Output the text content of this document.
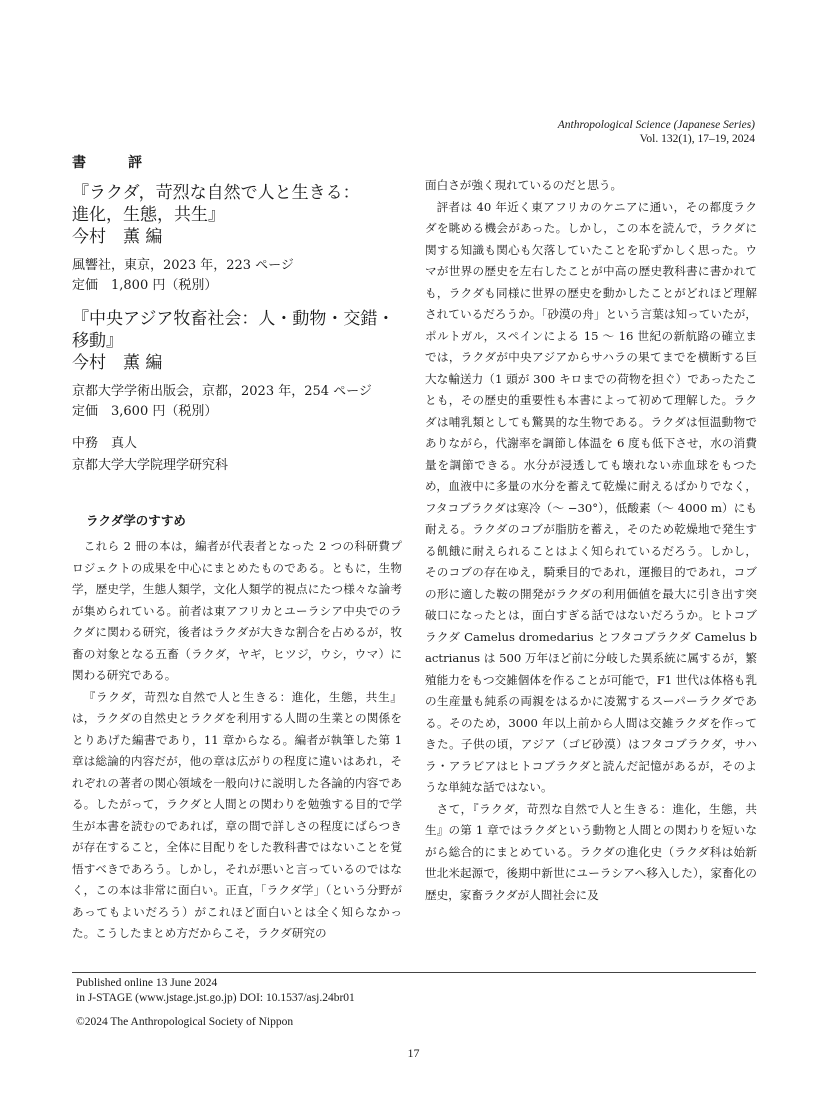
Anthropological Science (Japanese Series)
Vol. 132(1), 17–19, 2024
書　評
『ラクダ，苛烈な自然で人と生きる：
進化，生態，共生』
今村　薫 編
風響社，東京，2023 年，223 ページ
定価　1,800 円（税別）
『中央アジア牧畜社会：人・動物・交錯・
移動』
今村　薫 編
京都大学学術出版会，京都，2023 年，254 ページ
定価　3,600 円（税別）
中務　真人
京都大学大学院理学研究科
ラクダ学のすすめ

これら 2 冊の本は，編者が代表者となった 2 つの科研費プロジェクトの成果を中心にまとめたものである。ともに，生物学，歴史学，生態人類学，文化人類学的視点にたつ様々な論考が集められている。前者は東アフリカとユーラシア中央でのラクダに関わる研究，後者はラクダが大きな割合を占めるが，牧畜の対象となる五畜（ラクダ，ヤギ，ヒツジ，ウシ，ウマ）に関わる研究である。

『ラクダ，苛烈な自然で人と生きる：進化，生態，共生』は，ラクダの自然史とラクダを利用する人間の生業との関係をとりあげた編書であり，11 章からなる。編者が執筆した第 1 章は総論的内容だが，他の章は広がりの程度に違いはあれ，それぞれの著者の関心領域を一般向けに説明した各論的内容である。したがって，ラクダと人間との関わりを勉強する目的で学生が本書を読むのであれば，章の間で詳しさの程度にばらつきが存在すること，全体に目配りをした教科書ではないことを覚悟すべきであろう。しかし，それが悪いと言っているのではなく，この本は非常に面白い。正直，「ラクダ学」（という分野があってもよいだろう）がこれほど面白いとは全く知らなかった。こうしたまとめ方だからこそ，ラクダ研究の

面白さが強く現れているのだと思う。

評者は 40 年近く東アフリカのケニアに通い，その都度ラクダを眺める機会があった。しかし，この本を読んで，ラクダに関する知識も関心も欠落していたことを恥ずかしく思った。ウマが世界の歴史を左右したことが中高の歴史教科書に書かれても，ラクダも同様に世界の歴史を動かしたことがどれほど理解されているだろうか。「砂漠の舟」という言葉は知っていたが，ポルトガル，スペインによる 15 ～ 16 世紀の新航路の確立までは，ラクダが中央アジアからサハラの果てまでを横断する巨大な輸送力（1 頭が 300 キロまでの荷物を担ぐ）であったたことも，その歴史的重要性も本書によって初めて理解した。ラクダは哺乳類としても驚異的な生物である。ラクダは恒温動物でありながら，代謝率を調節し体温を 6 度も低下させ，水の消費量を調節できる。水分が浸透しても壊れない赤血球をもつため，血液中に多量の水分を蓄えて乾燥に耐えるばかりでなく，フタコブラクダは寒冷（～ −30°），低酸素（～ 4000 m）にも耐える。ラクダのコブが脂肪を蓄え，そのため乾燥地で発生する飢餓に耐えられることはよく知られているだろう。しかし，そのコブの存在ゆえ，騎乗目的であれ，運搬目的であれ，コブの形に適した鞍の開発がラクダの利用価値を最大に引き出す突破口になったとは，面白すぎる話ではないだろうか。ヒトコブラクダ Camelus dromedarius とフタコブラクダ Camelus bactrianus は 500 万年ほど前に分岐した異系統に属するが，繁殖能力をもつ交雑個体を作ることが可能で，F1 世代は体格も乳の生産量も純系の両親をはるかに凌駕するスーパーラクダである。そのため，3000 年以上前から人間は交雑ラクダを作ってきた。子供の頃，アジア（ゴビ砂漠）はフタコブラクダ，サハラ・アラビアはヒトコブラクダと読んだ記憶があるが，そのような単純な話ではない。

さて，『ラクダ，苛烈な自然で人と生きる：進化，生態，共生』の第 1 章ではラクダという動物と人間との関わりを短いながら総合的にまとめている。ラクダの進化史（ラクダ科は始新世北米起源で，後期中新世にユーラシアへ移入した），家畜化の歴史，家畜ラクダが人間社会に及

Published online 13 June 2024
in J-STAGE (www.jstage.jst.go.jp) DOI: 10.1537/asj.24br01
©2024 The Anthropological Society of Nippon
17
